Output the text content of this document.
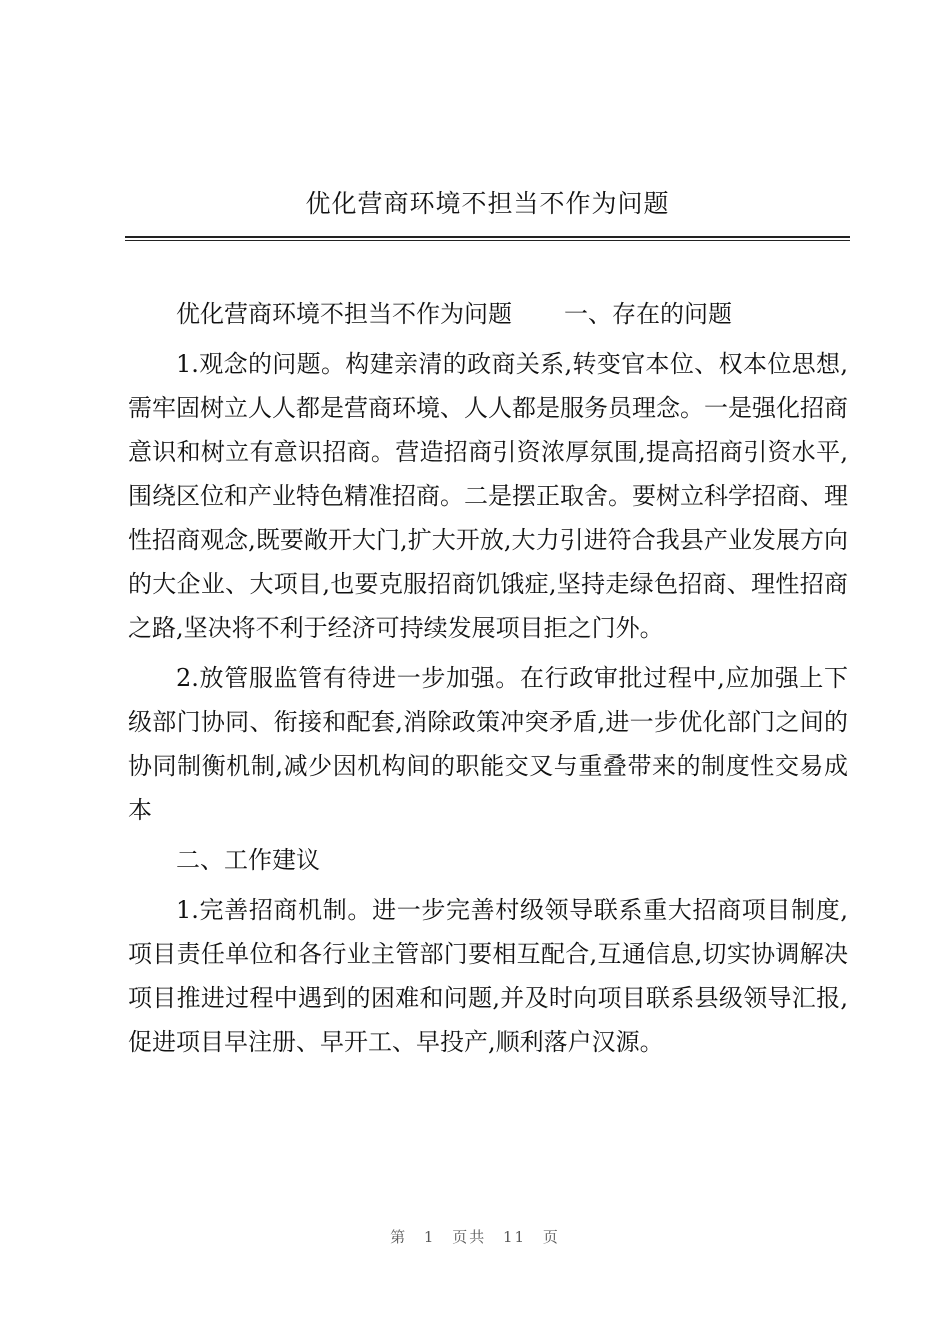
优化营商环境不担当不作为问题

优化营商环境不担当不作为问题 一、存在的问题

1.观念的问题。构建亲清的政商关系,转变官本位、权本位思想,需牢固树立人人都是营商环境、人人都是服务员理念。一是强化招商意识和树立有意识招商。营造招商引资浓厚氛围,提高招商引资水平,围绕区位和产业特色精准招商。二是摆正取舍。要树立科学招商、理性招商观念,既要敞开大门,扩大开放,大力引进符合我县产业发展方向的大企业、大项目,也要克服招商饥饿症,坚持走绿色招商、理性招商之路,坚决将不利于经济可持续发展项目拒之门外。

2.放管服监管有待进一步加强。在行政审批过程中,应加强上下级部门协同、衔接和配套,消除政策冲突矛盾,进一步优化部门之间的协同制衡机制,减少因机构间的职能交叉与重叠带来的制度性交易成本

二、工作建议

1.完善招商机制。进一步完善村级领导联系重大招商项目制度,项目责任单位和各行业主管部门要相互配合,互通信息,切实协调解决项目推进过程中遇到的困难和问题,并及时向项目联系县级领导汇报,促进项目早注册、早开工、早投产,顺利落户汉源。

第 1 页共 11 页
